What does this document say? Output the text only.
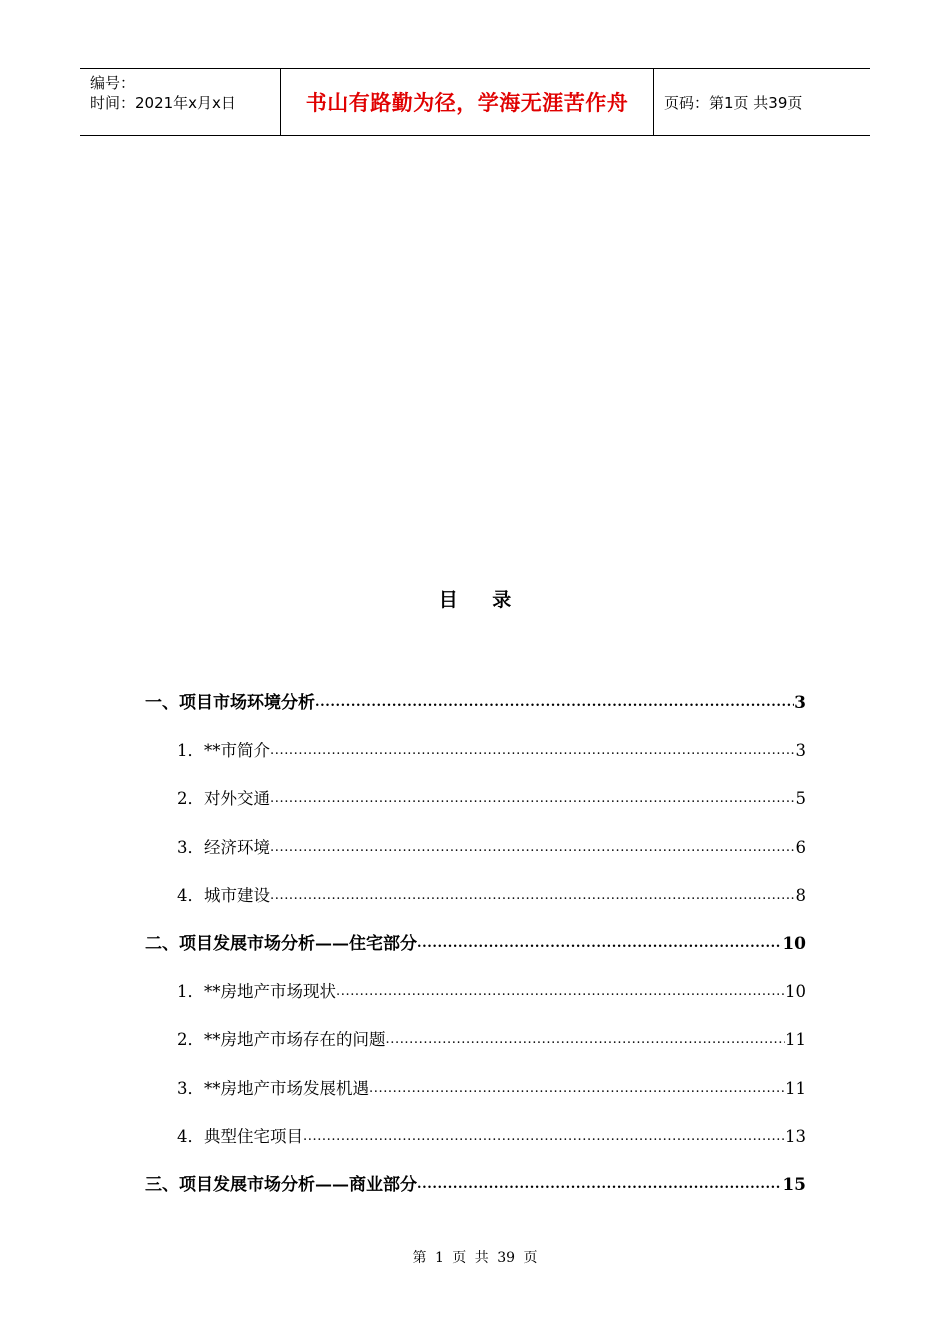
编号：
时间：2021年x月x日	书山有路勤为径，学海无涯苦作舟 页码：第1页 共39页
目 录
一、项目市场环境分析 .....	3
1．**市简介 .....	3
2．对外交通 .....	5
3．经济环境 .....	6
4．城市建设 .....	8
二、项目发展市场分析——住宅部分 .....	10
1．**房地产市场现状 .....	10
2．**房地产市场存在的问题 .....	11
3．**房地产市场发展机遇 .....	11
4．典型住宅项目 .....	13
三、项目发展市场分析——商业部分 .....	15
第 1 页 共 39 页
